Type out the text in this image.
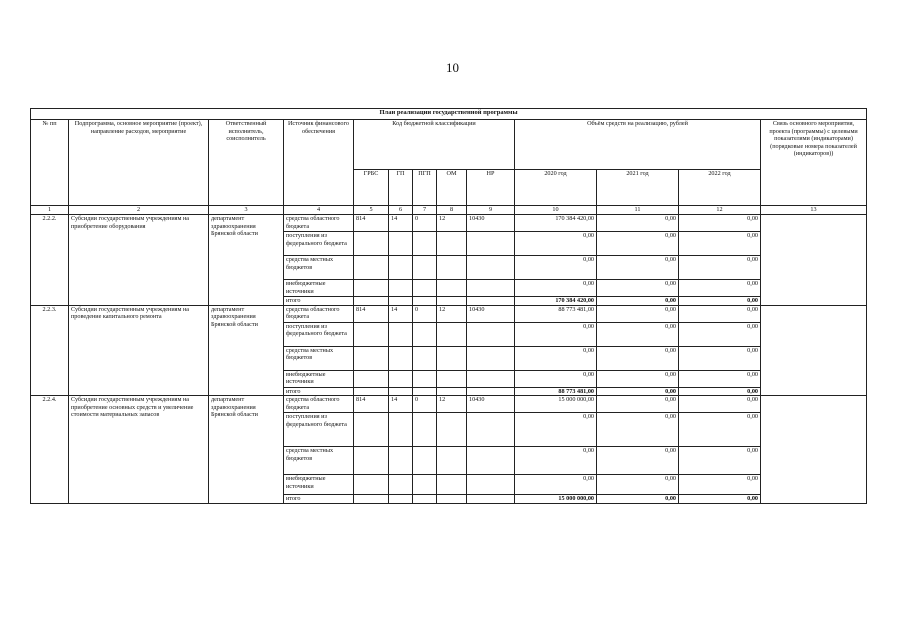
10
План реализации государственной программы												
№ пп	Подпрограмма, основное мероприятие (проект), направление расходов, мероприятие	Ответственный исполнитель, соисполнитель	Источник финансового обеспечения	Код бюджетной классификации					Объём средств на реализацию, рублей			Связь основного мероприятия, проекта (программы) с целевыми показателями (индикаторами) (порядковые номера показателей (индикаторов))
				ГРБС	ГП	ПГП	ОМ	НР	2020 год	2021 год	2022 год	
1	2	3	4	5	6	7	8	9	10	11	12	13
2.2.2.	Субсидии государственным учреждениям на приобретение оборудования	департамент здравоохранения Брянской области	средства областного бюджета	814	14	0	12	10430	170 384 420,00	0,00	0,00	
			поступления из федерального бюджета						0,00	0,00	0,00	
			средства местных бюджетов						0,00	0,00	0,00	
			внебюджетные источники						0,00	0,00	0,00	
			итого						170 384 420,00	0,00	0,00	
2.2.3.	Субсидии государственным учреждениям на проведение капитального ремонта	департамент здравоохранения Брянской области	средства областного бюджета	814	14	0	12	10430	88 773 481,00	0,00	0,00	
			поступления из федерального бюджета						0,00	0,00	0,00	
			средства местных бюджетов						0,00	0,00	0,00	
			внебюджетные источники						0,00	0,00	0,00	
			итого						88 773 481,00	0,00	0,00	
2.2.4.	Субсидии государственным учреждениям на приобретение основных средств и увеличение стоимости материальных запасов	департамент здравоохранения Брянской области	средства областного бюджета	814	14	0	12	10430	15 000 000,00	0,00	0,00	
			поступления из федерального бюджета						0,00	0,00	0,00	
			средства местных бюджетов						0,00	0,00	0,00	
			внебюджетные источники						0,00	0,00	0,00	
			итого						15 000 000,00	0,00	0,00	
